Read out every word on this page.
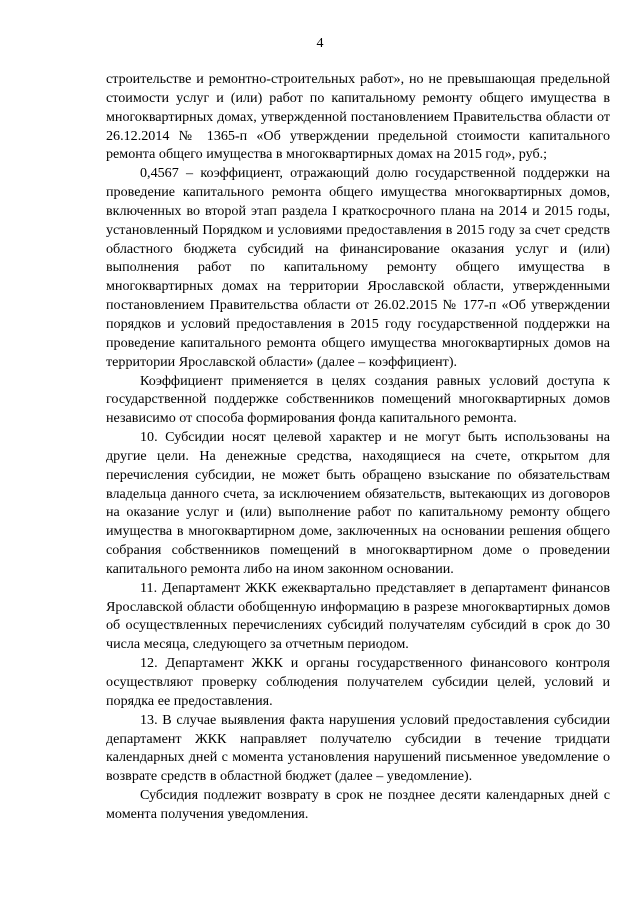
4

строительстве и ремонтно-строительных работ», но не превышающая предельной стоимости услуг и (или) работ по капитальному ремонту общего имущества в многоквартирных домах, утвержденной постановлением Правительства области от 26.12.2014 № 1365-п «Об утверждении предельной стоимости капитального ремонта общего имущества в многоквартирных домах на 2015 год», руб.;

0,4567 – коэффициент, отражающий долю государственной поддержки на проведение капитального ремонта общего имущества многоквартирных домов, включенных во второй этап раздела I краткосрочного плана на 2014 и 2015 годы, установленный Порядком и условиями предоставления в 2015 году за счет средств областного бюджета субсидий на финансирование оказания услуг и (или) выполнения работ по капитальному ремонту общего имущества в многоквартирных домах на территории Ярославской области, утвержденными постановлением Правительства области от 26.02.2015 № 177-п «Об утверждении порядков и условий предоставления в 2015 году государственной поддержки на проведение капитального ремонта общего имущества многоквартирных домов на территории Ярославской области» (далее – коэффициент).

Коэффициент применяется в целях создания равных условий доступа к государственной поддержке собственников помещений многоквартирных домов независимо от способа формирования фонда капитального ремонта.

10. Субсидии носят целевой характер и не могут быть использованы на другие цели. На денежные средства, находящиеся на счете, открытом для перечисления субсидии, не может быть обращено взыскание по обязательствам владельца данного счета, за исключением обязательств, вытекающих из договоров на оказание услуг и (или) выполнение работ по капитальному ремонту общего имущества в многоквартирном доме, заключенных на основании решения общего собрания собственников помещений в многоквартирном доме о проведении капитального ремонта либо на ином законном основании.

11. Департамент ЖКК ежеквартально представляет в департамент финансов Ярославской области обобщенную информацию в разрезе многоквартирных домов об осуществленных перечислениях субсидий получателям субсидий в срок до 30 числа месяца, следующего за отчетным периодом.

12. Департамент ЖКК и органы государственного финансового контроля осуществляют проверку соблюдения получателем субсидии целей, условий и порядка ее предоставления.

13. В случае выявления факта нарушения условий предоставления субсидии департамент ЖКК направляет получателю субсидии в течение тридцати календарных дней с момента установления нарушений письменное уведомление о возврате средств в областной бюджет (далее – уведомление).

Субсидия подлежит возврату в срок не позднее десяти календарных дней с момента получения уведомления.
